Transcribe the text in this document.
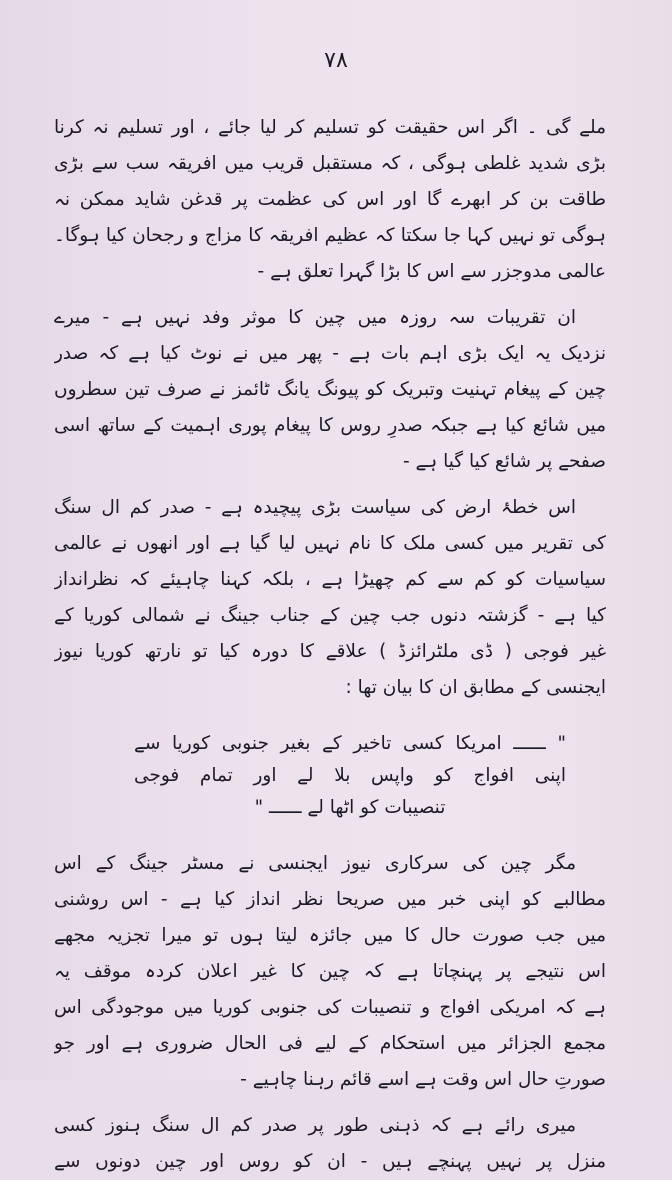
۷۸
ملے گی ۔ اگر اس حقیقت کو تسلیم کر لیا جائے ، اور تسلیم نہ کرنا
بڑی شدید غلطی ہوگی ، کہ مستقبل قریب میں افریقہ سب سے بڑی
طاقت بن کر ابھرے گا اور اس کی عظمت پر قدغن شاید ممکن نہ
ہوگی تو نہیں کہا جا سکتا کہ عظیم افریقہ کا مزاج و رجحان کیا ہوگا۔
عالمی مدوجزر سے اس کا بڑا گہرا تعلق ہے -
ان تقریبات سہ روزہ میں چین کا موثر وفد نہیں ہے - میرے
نزدیک یہ ایک بڑی اہم بات ہے - پھر میں نے نوٹ کیا ہے کہ صدر
چین کے پیغام تہنیت وتبریک کو پیونگ یانگ ٹائمز نے صرف تین سطروں
میں شائع کیا ہے جبکہ صدرِ روس کا پیغام پوری اہمیت کے ساتھ اسی
صفحے پر شائع کیا گیا ہے -
اس خطۂ ارض کی سیاست بڑی پیچیدہ ہے - صدر کم ال سنگ
کی تقریر میں کسی ملک کا نام نہیں لیا گیا ہے اور انھوں نے عالمی
سیاسیات کو کم سے کم چھیڑا ہے ، بلکہ کہنا چاہیئے کہ نظرانداز
کیا ہے - گزشتہ دنوں جب چین کے جناب جینگ نے شمالی کوریا کے
غیر فوجی ( ڈی ملٹرائزڈ ) علاقے کا دورہ کیا تو نارتھ کوریا نیوز
ایجنسی کے مطابق ان کا بیان تھا :
" ــــــ امریکا کسی تاخیر کے بغیر جنوبی کوریا سے
اپنی افواج کو واپس بلا لے اور تمام فوجی
تنصیبات کو اٹھا لے ــــــ "
مگر چین کی سرکاری نیوز ایجنسی نے مسٹر جینگ کے اس
مطالبے کو اپنی خبر میں صریحا نظر انداز کیا ہے - اس روشنی
میں جب صورت حال کا میں جائزہ لیتا ہوں تو میرا تجزیہ مجھے
اس نتیجے پر پہنچاتا ہے کہ چین کا غیر اعلان کردہ موقف یہ
ہے کہ امریکی افواج و تنصیبات کی جنوبی کوریا میں موجودگی اس
مجمع الجزائر میں استحکام کے لیے فی الحال ضروری ہے اور جو
صورتِ حال اس وقت ہے اسے قائم رہنا چاہیے -
میری رائے ہے کہ ذہنی طور پر صدر کم ال سنگ ہنوز کسی
منزل پر نہیں پہنچے ہیں - ان کو روس اور چین دونوں سے
